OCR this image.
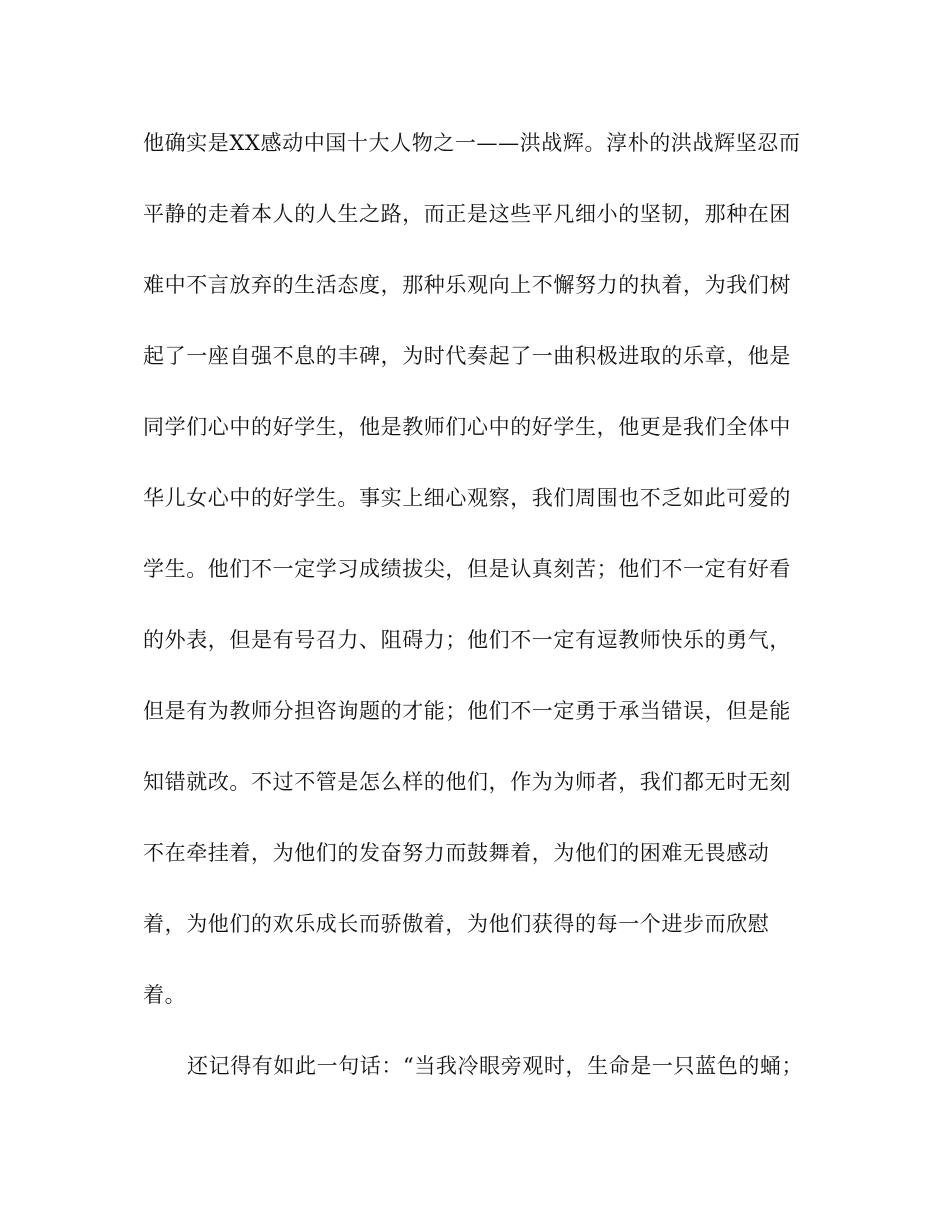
他确实是XX感动中国十大人物之一——洪战辉。淳朴的洪战辉坚忍而
平静的走着本人的人生之路，而正是这些平凡细小的坚韧，那种在困
难中不言放弃的生活态度，那种乐观向上不懈努力的执着，为我们树
起了一座自强不息的丰碑，为时代奏起了一曲积极进取的乐章，他是
同学们心中的好学生，他是教师们心中的好学生，他更是我们全体中
华儿女心中的好学生。事实上细心观察，我们周围也不乏如此可爱的
学生。他们不一定学习成绩拔尖，但是认真刻苦；他们不一定有好看
的外表，但是有号召力、阻碍力；他们不一定有逗教师快乐的勇气，
但是有为教师分担咨询题的才能；他们不一定勇于承当错误，但是能
知错就改。不过不管是怎么样的他们，作为为师者，我们都无时无刻
不在牵挂着，为他们的发奋努力而鼓舞着，为他们的困难无畏感动
着，为他们的欢乐成长而骄傲着，为他们获得的每一个进步而欣慰
着。
还记得有如此一句话：“当我冷眼旁观时，生命是一只蓝色的蛹；
